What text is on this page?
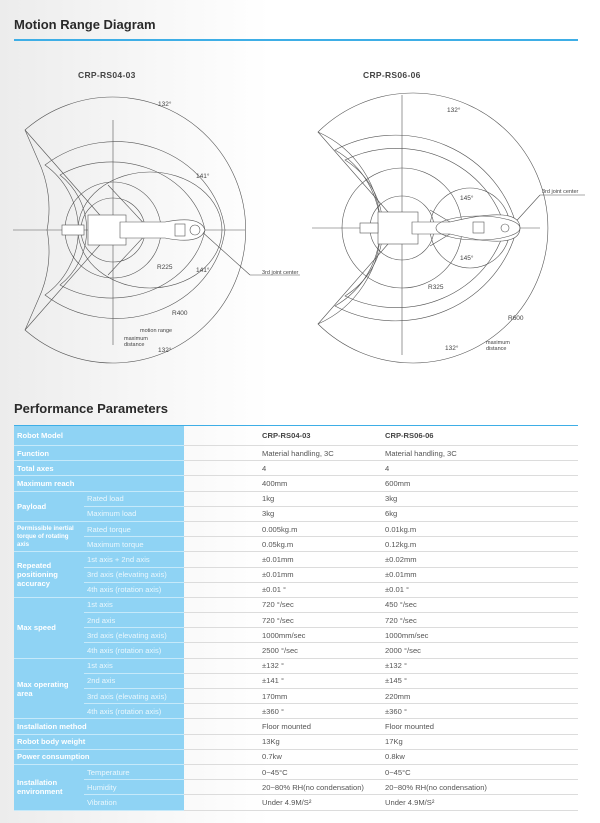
Motion Range Diagram
CRP-RS04-03	CRP-RS06-06
132°
141°
141°
132°
R225
R400
3rd joint center
motion range
maximum
distance
132°
145°
145°
132°
R325
R600
3rd joint center
maximum
distance
Performance Parameters
Robot Model		CRP-RS04-03	CRP-RS06-06
Function		Material handling, 3C	Material handling, 3C
Total axes		4	4
Maximum reach		400mm	600mm
Payload	Rated load	1kg	3kg
	Maximum load	3kg	6kg
Permissible inertial torque of rotating axis	Rated torque	0.005kg.m	0.01kg.m
	Maximum torque	0.05kg.m	0.12kg.m
Repeated positioning accuracy	1st axis + 2nd axis	±0.01mm	±0.02mm
	3rd axis (elevating axis)	±0.01mm	±0.01mm
	4th axis (rotation axis)	±0.01 °	±0.01 °
Max speed	1st axis	720 °/sec	450 °/sec
	2nd axis	720 °/sec	720 °/sec
	3rd axis (elevating axis)	1000mm/sec	1000mm/sec
	4th axis (rotation axis)	2500 °/sec	2000 °/sec
Max operating area	1st axis	±132 °	±132 °
	2nd axis	±141 °	±145 °
	3rd axis (elevating axis)	170mm	220mm
	4th axis (rotation axis)	±360 °	±360 °
Installation method		Floor mounted	Floor mounted
Robot body weight		13Kg	17Kg
Power consumption		0.7kw	0.8kw
Installation environment	Temperature	0~45°C	0~45°C
	Humidity	20~80% RH(no condensation)	20~80% RH(no condensation)
	Vibration	Under 4.9M/S²	Under 4.9M/S²
